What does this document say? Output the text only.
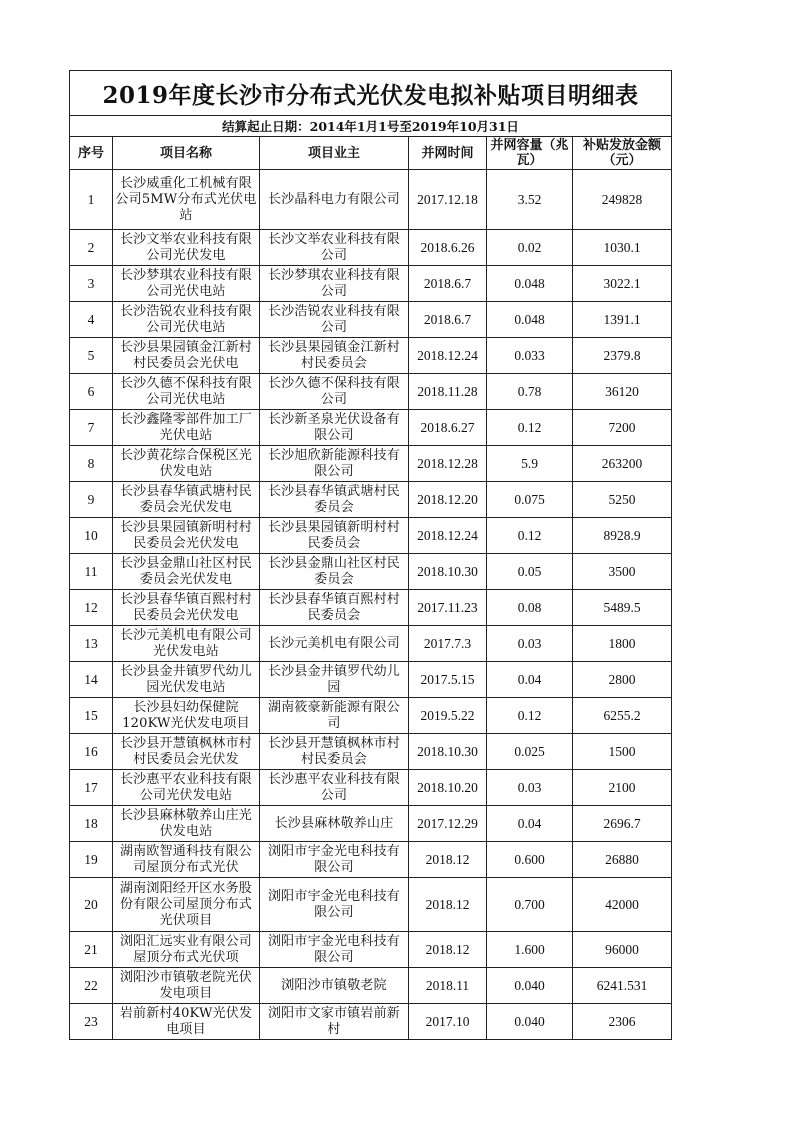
2019年度长沙市分布式光伏发电拟补贴项目明细表					
结算起止日期：2014年1月1号至2019年10月31日					
序号	项目名称	项目业主	并网时间	并网容量（兆瓦）	补贴发放金额（元）
1	长沙威重化工机械有限公司5MW分布式光伏电站	长沙晶科电力有限公司	2017.12.18	3.52	249828
2	长沙文举农业科技有限公司光伏发电	长沙文举农业科技有限公司	2018.6.26	0.02	1030.1
3	长沙梦琪农业科技有限公司光伏电站	长沙梦琪农业科技有限公司	2018.6.7	0.048	3022.1
4	长沙浩锐农业科技有限公司光伏电站	长沙浩锐农业科技有限公司	2018.6.7	0.048	1391.1
5	长沙县果园镇金江新村村民委员会光伏电	长沙县果园镇金江新村村民委员会	2018.12.24	0.033	2379.8
6	长沙久德不保科技有限公司光伏电站	长沙久德不保科技有限公司	2018.11.28	0.78	36120
7	长沙鑫隆零部件加工厂光伏电站	长沙新圣泉光伏设备有限公司	2018.6.27	0.12	7200
8	长沙黄花综合保税区光伏发电站	长沙旭欣新能源科技有限公司	2018.12.28	5.9	263200
9	长沙县春华镇武塘村民委员会光伏发电	长沙县春华镇武塘村民委员会	2018.12.20	0.075	5250
10	长沙县果园镇新明村村民委员会光伏发电	长沙县果园镇新明村村民委员会	2018.12.24	0.12	8928.9
11	长沙县金鼎山社区村民委员会光伏发电	长沙县金鼎山社区村民委员会	2018.10.30	0.05	3500
12	长沙县春华镇百熙村村民委员会光伏发电	长沙县春华镇百熙村村民委员会	2017.11.23	0.08	5489.5
13	长沙元美机电有限公司光伏发电站	长沙元美机电有限公司	2017.7.3	0.03	1800
14	长沙县金井镇罗代幼儿园光伏发电站	长沙县金井镇罗代幼儿园	2017.5.15	0.04	2800
15	长沙县妇幼保健院120KW光伏发电项目	湖南筱豪新能源有限公司	2019.5.22	0.12	6255.2
16	长沙县开慧镇枫林市村村民委员会光伏发	长沙县开慧镇枫林市村村民委员会	2018.10.30	0.025	1500
17	长沙惠平农业科技有限公司光伏发电站	长沙惠平农业科技有限公司	2018.10.20	0.03	2100
18	长沙县麻林敬养山庄光伏发电站	长沙县麻林敬养山庄	2017.12.29	0.04	2696.7
19	湖南欧智通科技有限公司屋顶分布式光伏	浏阳市宇金光电科技有限公司	2018.12	0.600	26880
20	湖南浏阳经开区水务股份有限公司屋顶分布式光伏项目	浏阳市宇金光电科技有限公司	2018.12	0.700	42000
21	浏阳汇远实业有限公司屋顶分布式光伏项	浏阳市宇金光电科技有限公司	2018.12	1.600	96000
22	浏阳沙市镇敬老院光伏发电项目	浏阳沙市镇敬老院	2018.11	0.040	6241.531
23	岩前新村40KW光伏发电项目	浏阳市文家市镇岩前新村	2017.10	0.040	2306
